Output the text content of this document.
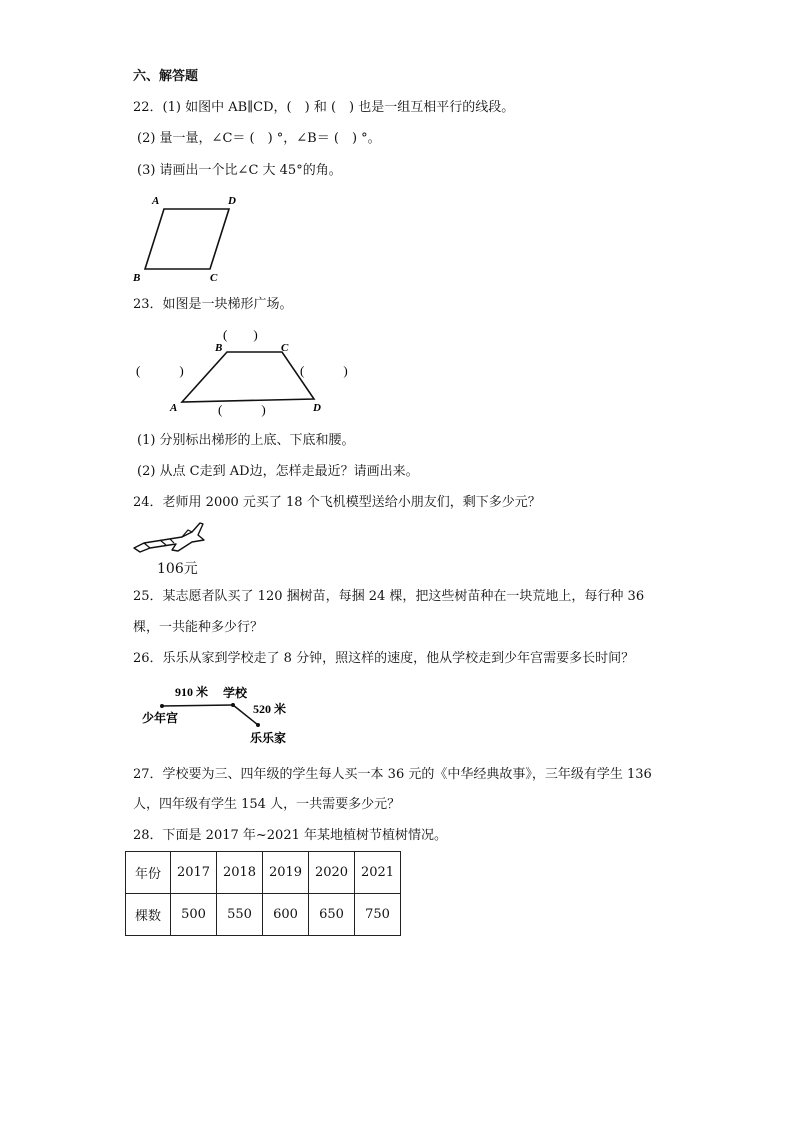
六、解答题
22．(1) 如图中 AB∥CD，(　) 和 (　) 也是一组互相平行的线段。
(2) 量一量，∠C＝ (　) °，∠B＝ (　) °。
(3) 请画出一个比∠C 大 45°的角。
A	D
B	C
23．如图是一块梯形广场。
B	C
A	D
(　　)
(　　　)	(　　　)
(　　　)
(1) 分别标出梯形的上底、下底和腰。
(2) 从点 C走到 AD边，怎样走最近？请画出来。
24．老师用 2000 元买了 18 个飞机模型送给小朋友们，剩下多少元？
106元
25．某志愿者队买了 120 捆树苗，每捆 24 棵，把这些树苗种在一块荒地上，每行种 36
棵，一共能种多少行？
26．乐乐从家到学校走了 8 分钟，照这样的速度，他从学校走到少年宫需要多长时间？
910 米 学校
520 米
少年宫
乐乐家
27．学校要为三、四年级的学生每人买一本 36 元的《中华经典故事》，三年级有学生 136
人，四年级有学生 154 人，一共需要多少元？
28．下面是 2017 年~2021 年某地植树节植树情况。
年份	2017	2018	2019	2020	2021
棵数	500	550	600	650	750
